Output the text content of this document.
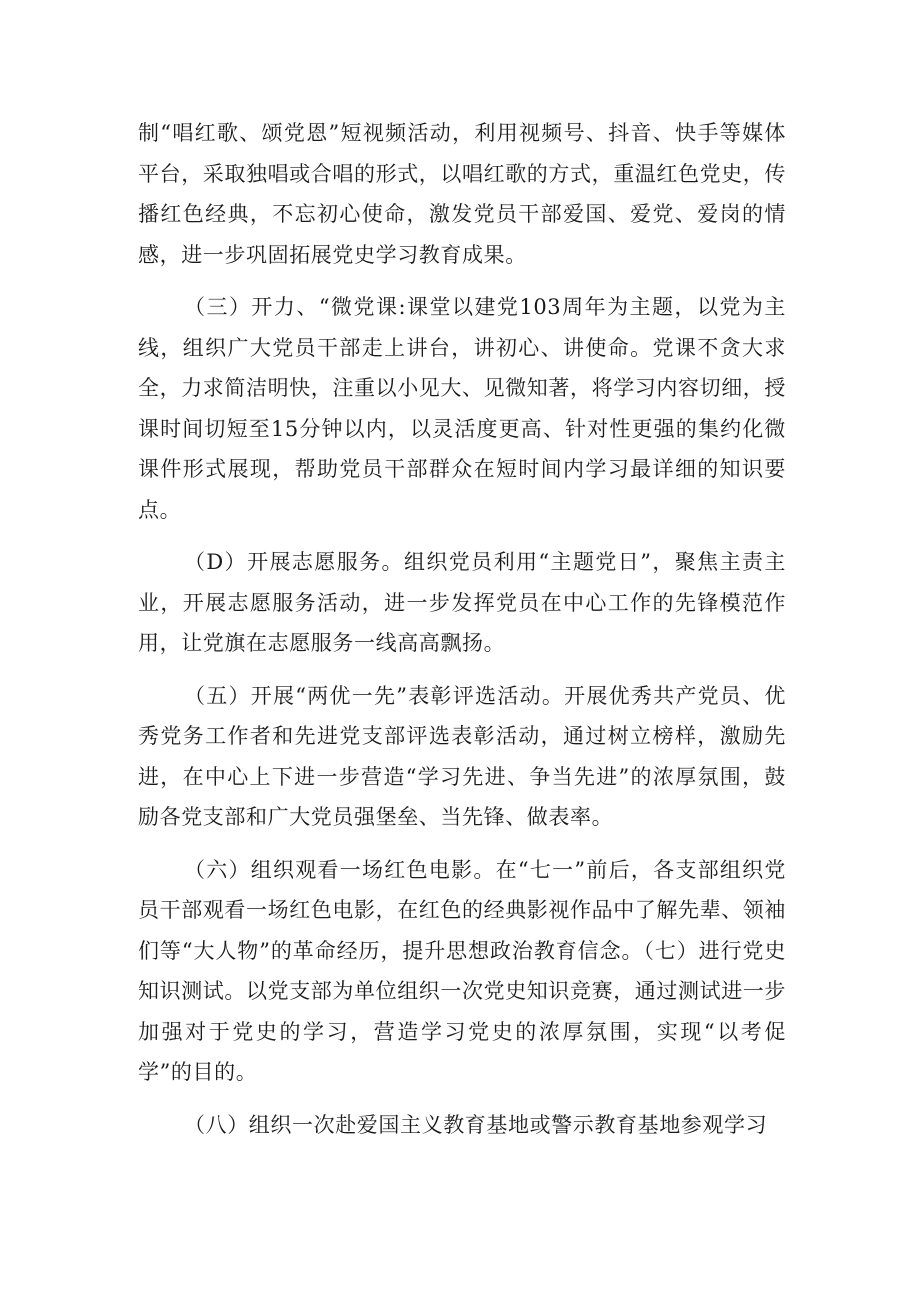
制“唱红歌、颂党恩”短视频活动，利用视频号、抖音、快手等媒体平台，采取独唱或合唱的形式，以唱红歌的方式，重温红色党史，传播红色经典，不忘初心使命，激发党员干部爱国、爱党、爱岗的情感，进一步巩固拓展党史学习教育成果。

（三）开力、“微党课:课堂以建党103周年为主题，以党为主线，组织广大党员干部走上讲台，讲初心、讲使命。党课不贪大求全，力求简洁明快，注重以小见大、见微知著，将学习内容切细，授课时间切短至15分钟以内，以灵活度更高、针对性更强的集约化微课件形式展现，帮助党员干部群众在短时间内学习最详细的知识要点。

（D）开展志愿服务。组织党员利用“主题党日”，聚焦主责主业，开展志愿服务活动，进一步发挥党员在中心工作的先锋模范作用，让党旗在志愿服务一线高高飘扬。

（五）开展“两优一先”表彰评选活动。开展优秀共产党员、优秀党务工作者和先进党支部评选表彰活动，通过树立榜样，激励先进，在中心上下进一步营造“学习先进、争当先进”的浓厚氛围，鼓励各党支部和广大党员强堡垒、当先锋、做表率。

（六）组织观看一场红色电影。在“七一”前后，各支部组织党员干部观看一场红色电影，在红色的经典影视作品中了解先辈、领袖们等“大人物”的革命经历，提升思想政治教育信念。（七）进行党史知识测试。以党支部为单位组织一次党史知识竞赛，通过测试进一步加强对于党史的学习，营造学习党史的浓厚氛围，实现“以考促学”的目的。

（八）组织一次赴爱国主义教育基地或警示教育基地参观学习
